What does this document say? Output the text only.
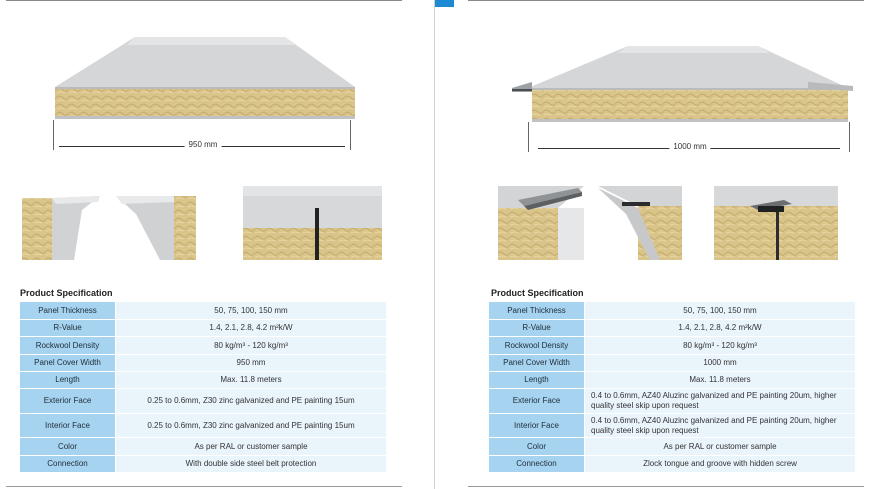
950 mm
Product Specification
Panel Thickness	50, 75, 100, 150 mm
R-Value	1.4, 2.1, 2.8, 4.2 m²k/W
Rockwool Density	80 kg/m³ - 120 kg/m³
Panel Cover Width	950 mm
Length	Max. 11.8 meters
Exterior Face	0.25 to 0.6mm, Z30 zinc galvanized and PE painting 15um
Interior Face	0.25 to 0.6mm, Z30 zinc galvanized and PE painting 15um
Color	As per RAL or customer sample
Connection	With double side steel belt protection
1000 mm
Product Specification
Panel Thickness	50, 75, 100, 150 mm
R-Value	1.4, 2.1, 2.8, 4.2 m²k/W
Rockwool Density	80 kg/m³ - 120 kg/m³
Panel Cover Width	1000 mm
Length	Max. 11.8 meters
Exterior Face	0.4 to 0.6mm, AZ40 Aluzinc galvanized and PE painting 20um, higher quality steel skip upon request
Interior Face	0.4 to 0.6mm, AZ40 Aluzinc galvanized and PE painting 20um, higher quality steel skip upon request
Color	As per RAL or customer sample
Connection	Zlock tongue and groove with hidden screw
